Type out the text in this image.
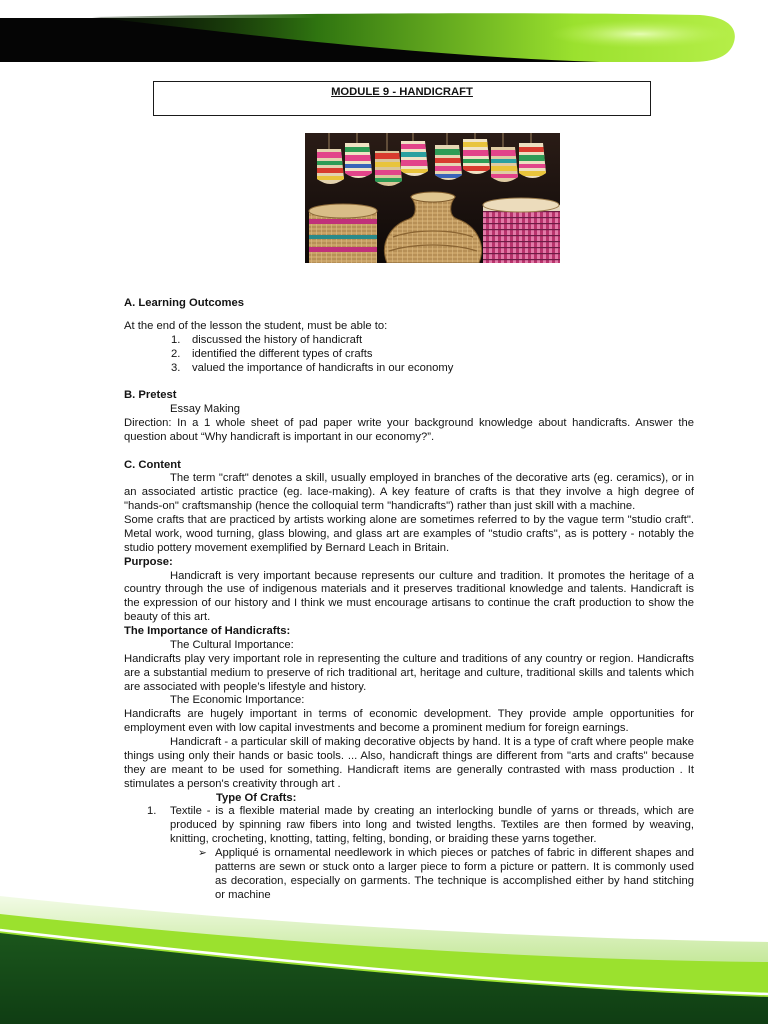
MODULE 9 - HANDICRAFT
A. Learning Outcomes
At the end of the lesson the student, must be able to:
1. discussed the history of handicraft
2. identified the different types of crafts
3. valued the importance of handicrafts in our economy
B. Pretest
Essay Making
Direction: In a 1 whole sheet of pad paper write your background knowledge about handicrafts. Answer the question about “Why handicraft is important in our economy?”.
C. Content
The term "craft" denotes a skill, usually employed in branches of the decorative arts (eg. ceramics), or in an associated artistic practice (eg. lace-making). A key feature of crafts is that they involve a high degree of "hands-on" craftsmanship (hence the colloquial term "handicrafts") rather than just skill with a machine.
Some crafts that are practiced by artists working alone are sometimes referred to by the vague term "studio craft". Metal work, wood turning, glass blowing, and glass art are examples of "studio crafts", as is pottery - notably the studio pottery movement exemplified by Bernard Leach in Britain.
Purpose:
Handicraft is very important because represents our culture and tradition. It promotes the heritage of a country through the use of indigenous materials and it preserves traditional knowledge and talents. Handicraft is the expression of our history and I think we must encourage artisans to continue the craft production to show the beauty of this art.
The Importance of Handicrafts:
The Cultural Importance:
Handicrafts play very important role in representing the culture and traditions of any country or region. Handicrafts are a substantial medium to preserve of rich traditional art, heritage and culture, traditional skills and talents which are associated with people’s lifestyle and history.
The Economic Importance:
Handicrafts are hugely important in terms of economic development. They provide ample opportunities for employment even with low capital investments and become a prominent medium for foreign earnings.
Handicraft - a particular skill of making decorative objects by hand. It is a type of craft where people make things using only their hands or basic tools. ... Also, handicraft things are different from "arts and crafts" because they are meant to be used for something. Handicraft items are generally contrasted with mass production . It stimulates a person's creativity through art .
Type Of Crafts:
1. Textile - is a flexible material made by creating an interlocking bundle of yarns or threads, which are produced by spinning raw fibers into long and twisted lengths. Textiles are then formed by weaving, knitting, crocheting, knotting, tatting, felting, bonding, or braiding these yarns together.
➢ Appliqué is ornamental needlework in which pieces or patches of fabric in different shapes and patterns are sewn or stuck onto a larger piece to form a picture or pattern. It is commonly used as decoration, especially on garments. The technique is accomplished either by hand stitching or machine
